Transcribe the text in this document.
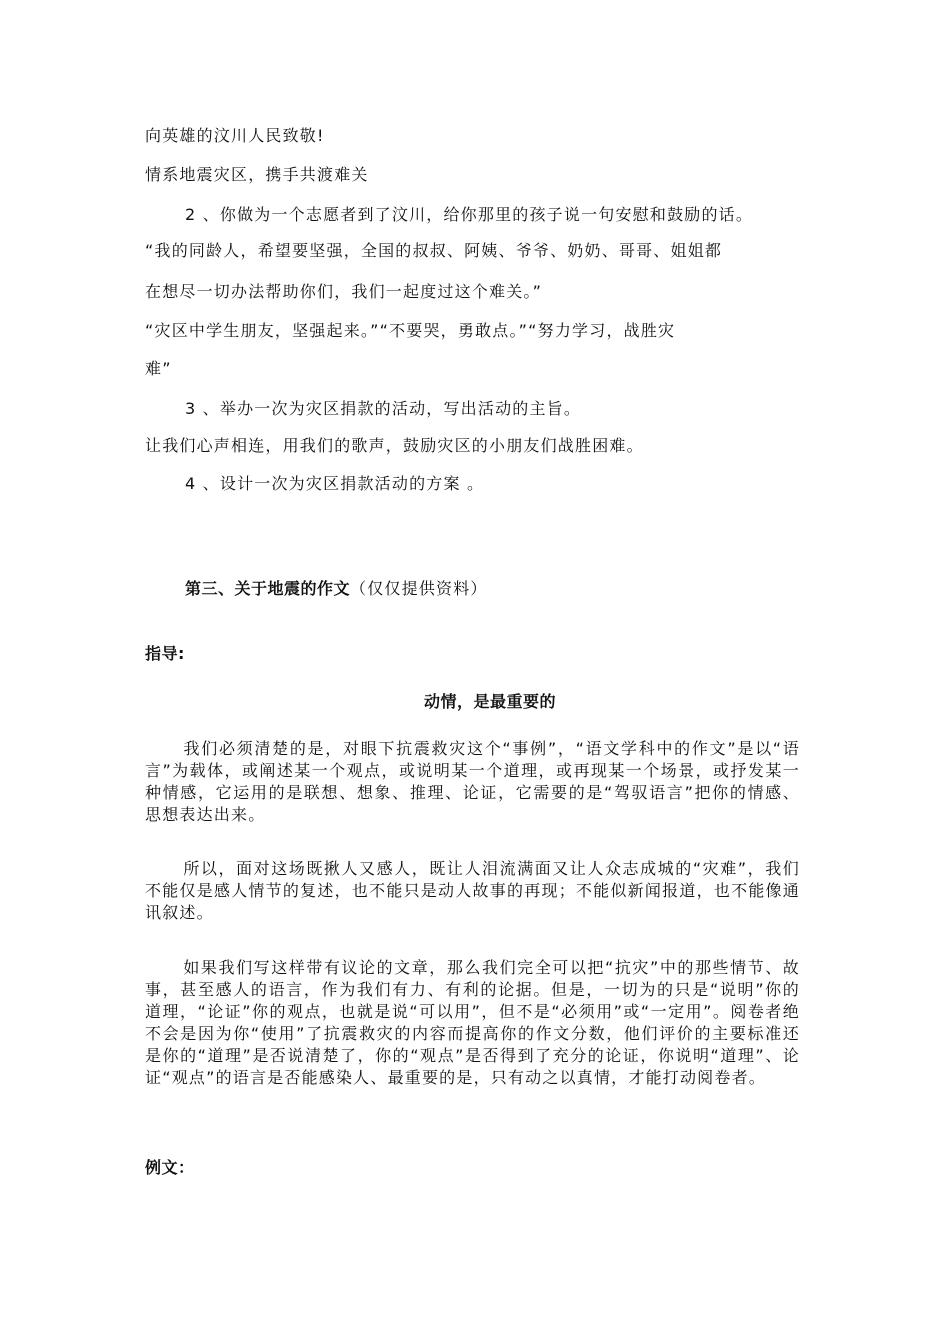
向英雄的汶川人民致敬!
情系地震灾区，携手共渡难关
2 、你做为一个志愿者到了汶川，给你那里的孩子说一句安慰和鼓励的话。
“我的同龄人，希望要坚强，全国的叔叔、阿姨、爷爷、奶奶、哥哥、姐姐都
在想尽一切办法帮助你们，我们一起度过这个难关。”
“灾区中学生朋友，坚强起来。”“不要哭，勇敢点。”“努力学习，战胜灾
难”
3 、举办一次为灾区捐款的活动，写出活动的主旨。
让我们心声相连，用我们的歌声，鼓励灾区的小朋友们战胜困难。
4 、设计一次为灾区捐款活动的方案 。
第三、关于地震的作文（仅仅提供资料）
指导:
动情，是最重要的
我们必须清楚的是，对眼下抗震救灾这个“事例”，“语文学科中的作文”是以“语言”为载体，或阐述某一个观点，或说明某一个道理，或再现某一个场景，或抒发某一种情感，它运用的是联想、想象、推理、论证，它需要的是“驾驭语言”把你的情感、思想表达出来。
所以，面对这场既揪人又感人，既让人泪流满面又让人众志成城的“灾难”，我们不能仅是感人情节的复述，也不能只是动人故事的再现；不能似新闻报道，也不能像通讯叙述。
如果我们写这样带有议论的文章，那么我们完全可以把“抗灾”中的那些情节、故事，甚至感人的语言，作为我们有力、有利的论据。但是，一切为的只是“说明”你的道理，“论证”你的观点，也就是说“可以用”，但不是“必须用”或“一定用”。阅卷者绝不会是因为你“使用”了抗震救灾的内容而提高你的作文分数，他们评价的主要标准还是你的“道理”是否说清楚了，你的“观点”是否得到了充分的论证，你说明“道理”、论证“观点”的语言是否能感染人、最重要的是，只有动之以真情，才能打动阅卷者。
例文：
